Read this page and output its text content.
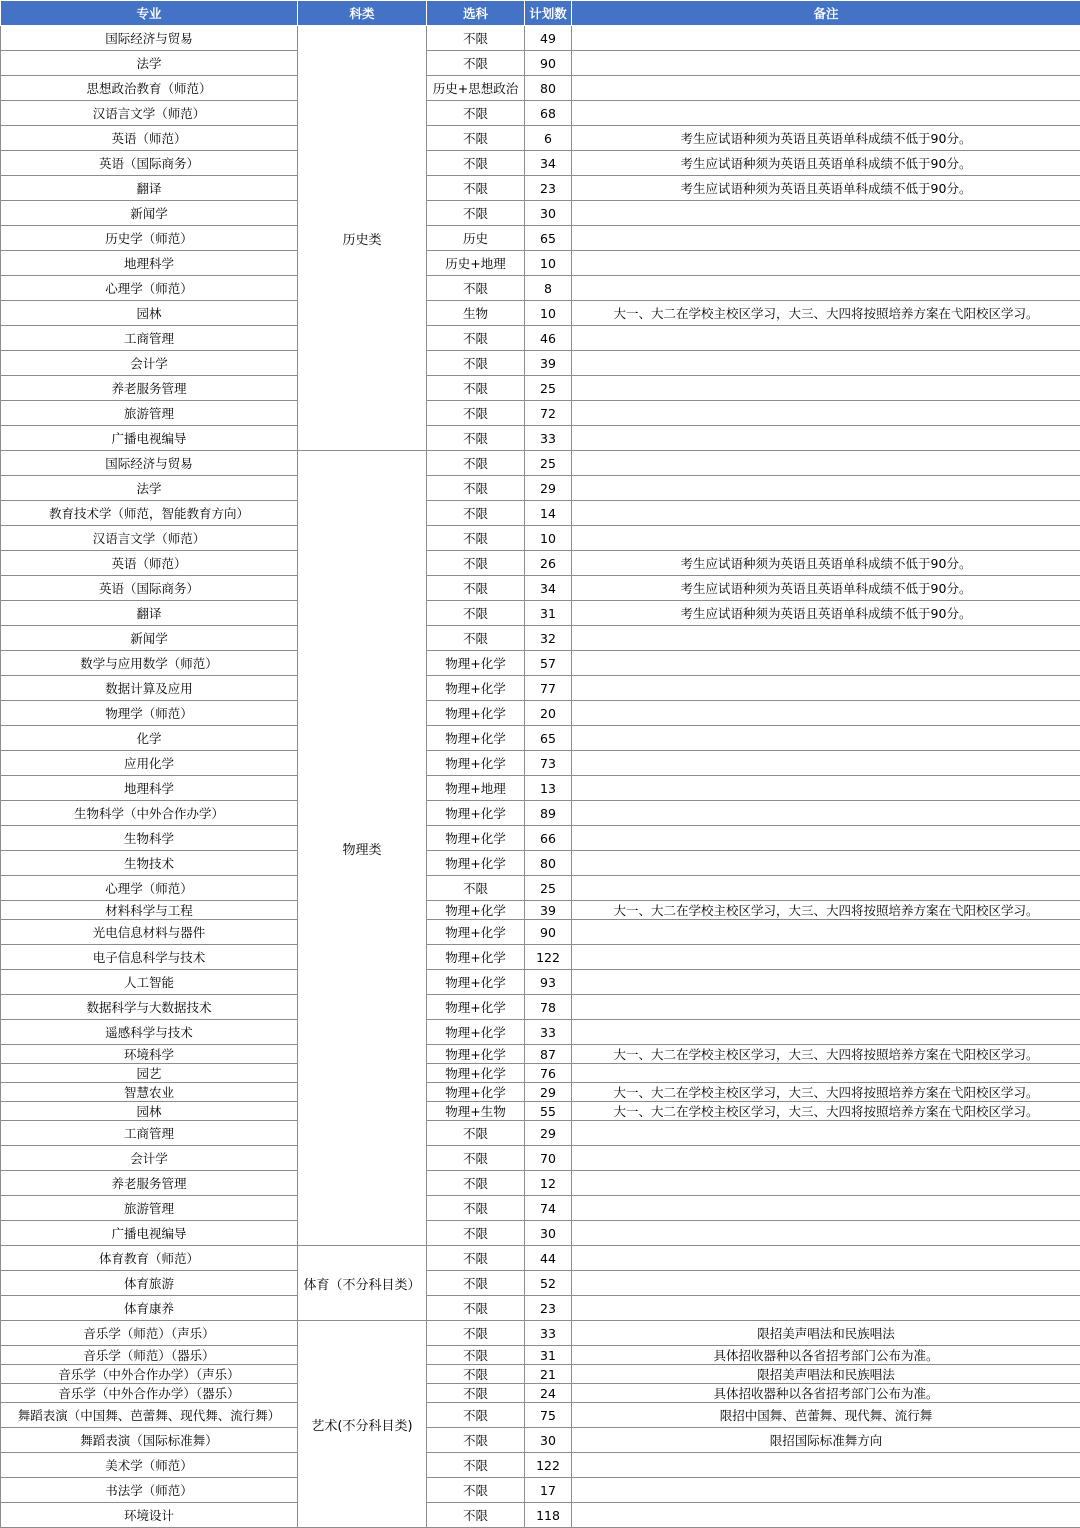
专业	科类	选科	计划数	备注
国际经济与贸易	历史类	不限	49	
法学		不限	90	
思想政治教育（师范）		历史+思想政治	80	
汉语言文学（师范）		不限	68	
英语（师范）		不限	6	考生应试语种须为英语且英语单科成绩不低于90分。
英语（国际商务）		不限	34	考生应试语种须为英语且英语单科成绩不低于90分。
翻译		不限	23	考生应试语种须为英语且英语单科成绩不低于90分。
新闻学		不限	30	
历史学（师范）		历史	65	
地理科学		历史+地理	10	
心理学（师范）		不限	8	
园林		生物	10	大一、大二在学校主校区学习，大三、大四将按照培养方案在弋阳校区学习。
工商管理		不限	46	
会计学		不限	39	
养老服务管理		不限	25	
旅游管理		不限	72	
广播电视编导		不限	33	
国际经济与贸易	物理类	不限	25	
法学		不限	29	
教育技术学（师范，智能教育方向）		不限	14	
汉语言文学（师范）		不限	10	
英语（师范）		不限	26	考生应试语种须为英语且英语单科成绩不低于90分。
英语（国际商务）		不限	34	考生应试语种须为英语且英语单科成绩不低于90分。
翻译		不限	31	考生应试语种须为英语且英语单科成绩不低于90分。
新闻学		不限	32	
数学与应用数学（师范）		物理+化学	57	
数据计算及应用		物理+化学	77	
物理学（师范）		物理+化学	20	
化学		物理+化学	65	
应用化学		物理+化学	73	
地理科学		物理+地理	13	
生物科学（中外合作办学）		物理+化学	89	
生物科学		物理+化学	66	
生物技术		物理+化学	80	
心理学（师范）		不限	25	
材料科学与工程		物理+化学	39	大一、大二在学校主校区学习，大三、大四将按照培养方案在弋阳校区学习。
光电信息材料与器件		物理+化学	90	
电子信息科学与技术		物理+化学	122	
人工智能		物理+化学	93	
数据科学与大数据技术		物理+化学	78	
遥感科学与技术		物理+化学	33	
环境科学		物理+化学	87	大一、大二在学校主校区学习，大三、大四将按照培养方案在弋阳校区学习。
园艺		物理+化学	76	
智慧农业		物理+化学	29	大一、大二在学校主校区学习，大三、大四将按照培养方案在弋阳校区学习。
园林		物理+生物	55	大一、大二在学校主校区学习，大三、大四将按照培养方案在弋阳校区学习。
工商管理		不限	29	
会计学		不限	70	
养老服务管理		不限	12	
旅游管理		不限	74	
广播电视编导		不限	30	
体育教育（师范）	体育（不分科目类）	不限	44	
体育旅游		不限	52	
体育康养		不限	23	
音乐学（师范）（声乐）	艺术(不分科目类)	不限	33	限招美声唱法和民族唱法
音乐学（师范）（器乐）		不限	31	具体招收器种以各省招考部门公布为准。
音乐学（中外合作办学）（声乐）		不限	21	限招美声唱法和民族唱法
音乐学（中外合作办学）（器乐）		不限	24	具体招收器种以各省招考部门公布为准。
舞蹈表演（中国舞、芭蕾舞、现代舞、流行舞）		不限	75	限招中国舞、芭蕾舞、现代舞、流行舞
舞蹈表演（国际标准舞）		不限	30	限招国际标准舞方向
美术学（师范）		不限	122	
书法学（师范）		不限	17	
环境设计		不限	118	
